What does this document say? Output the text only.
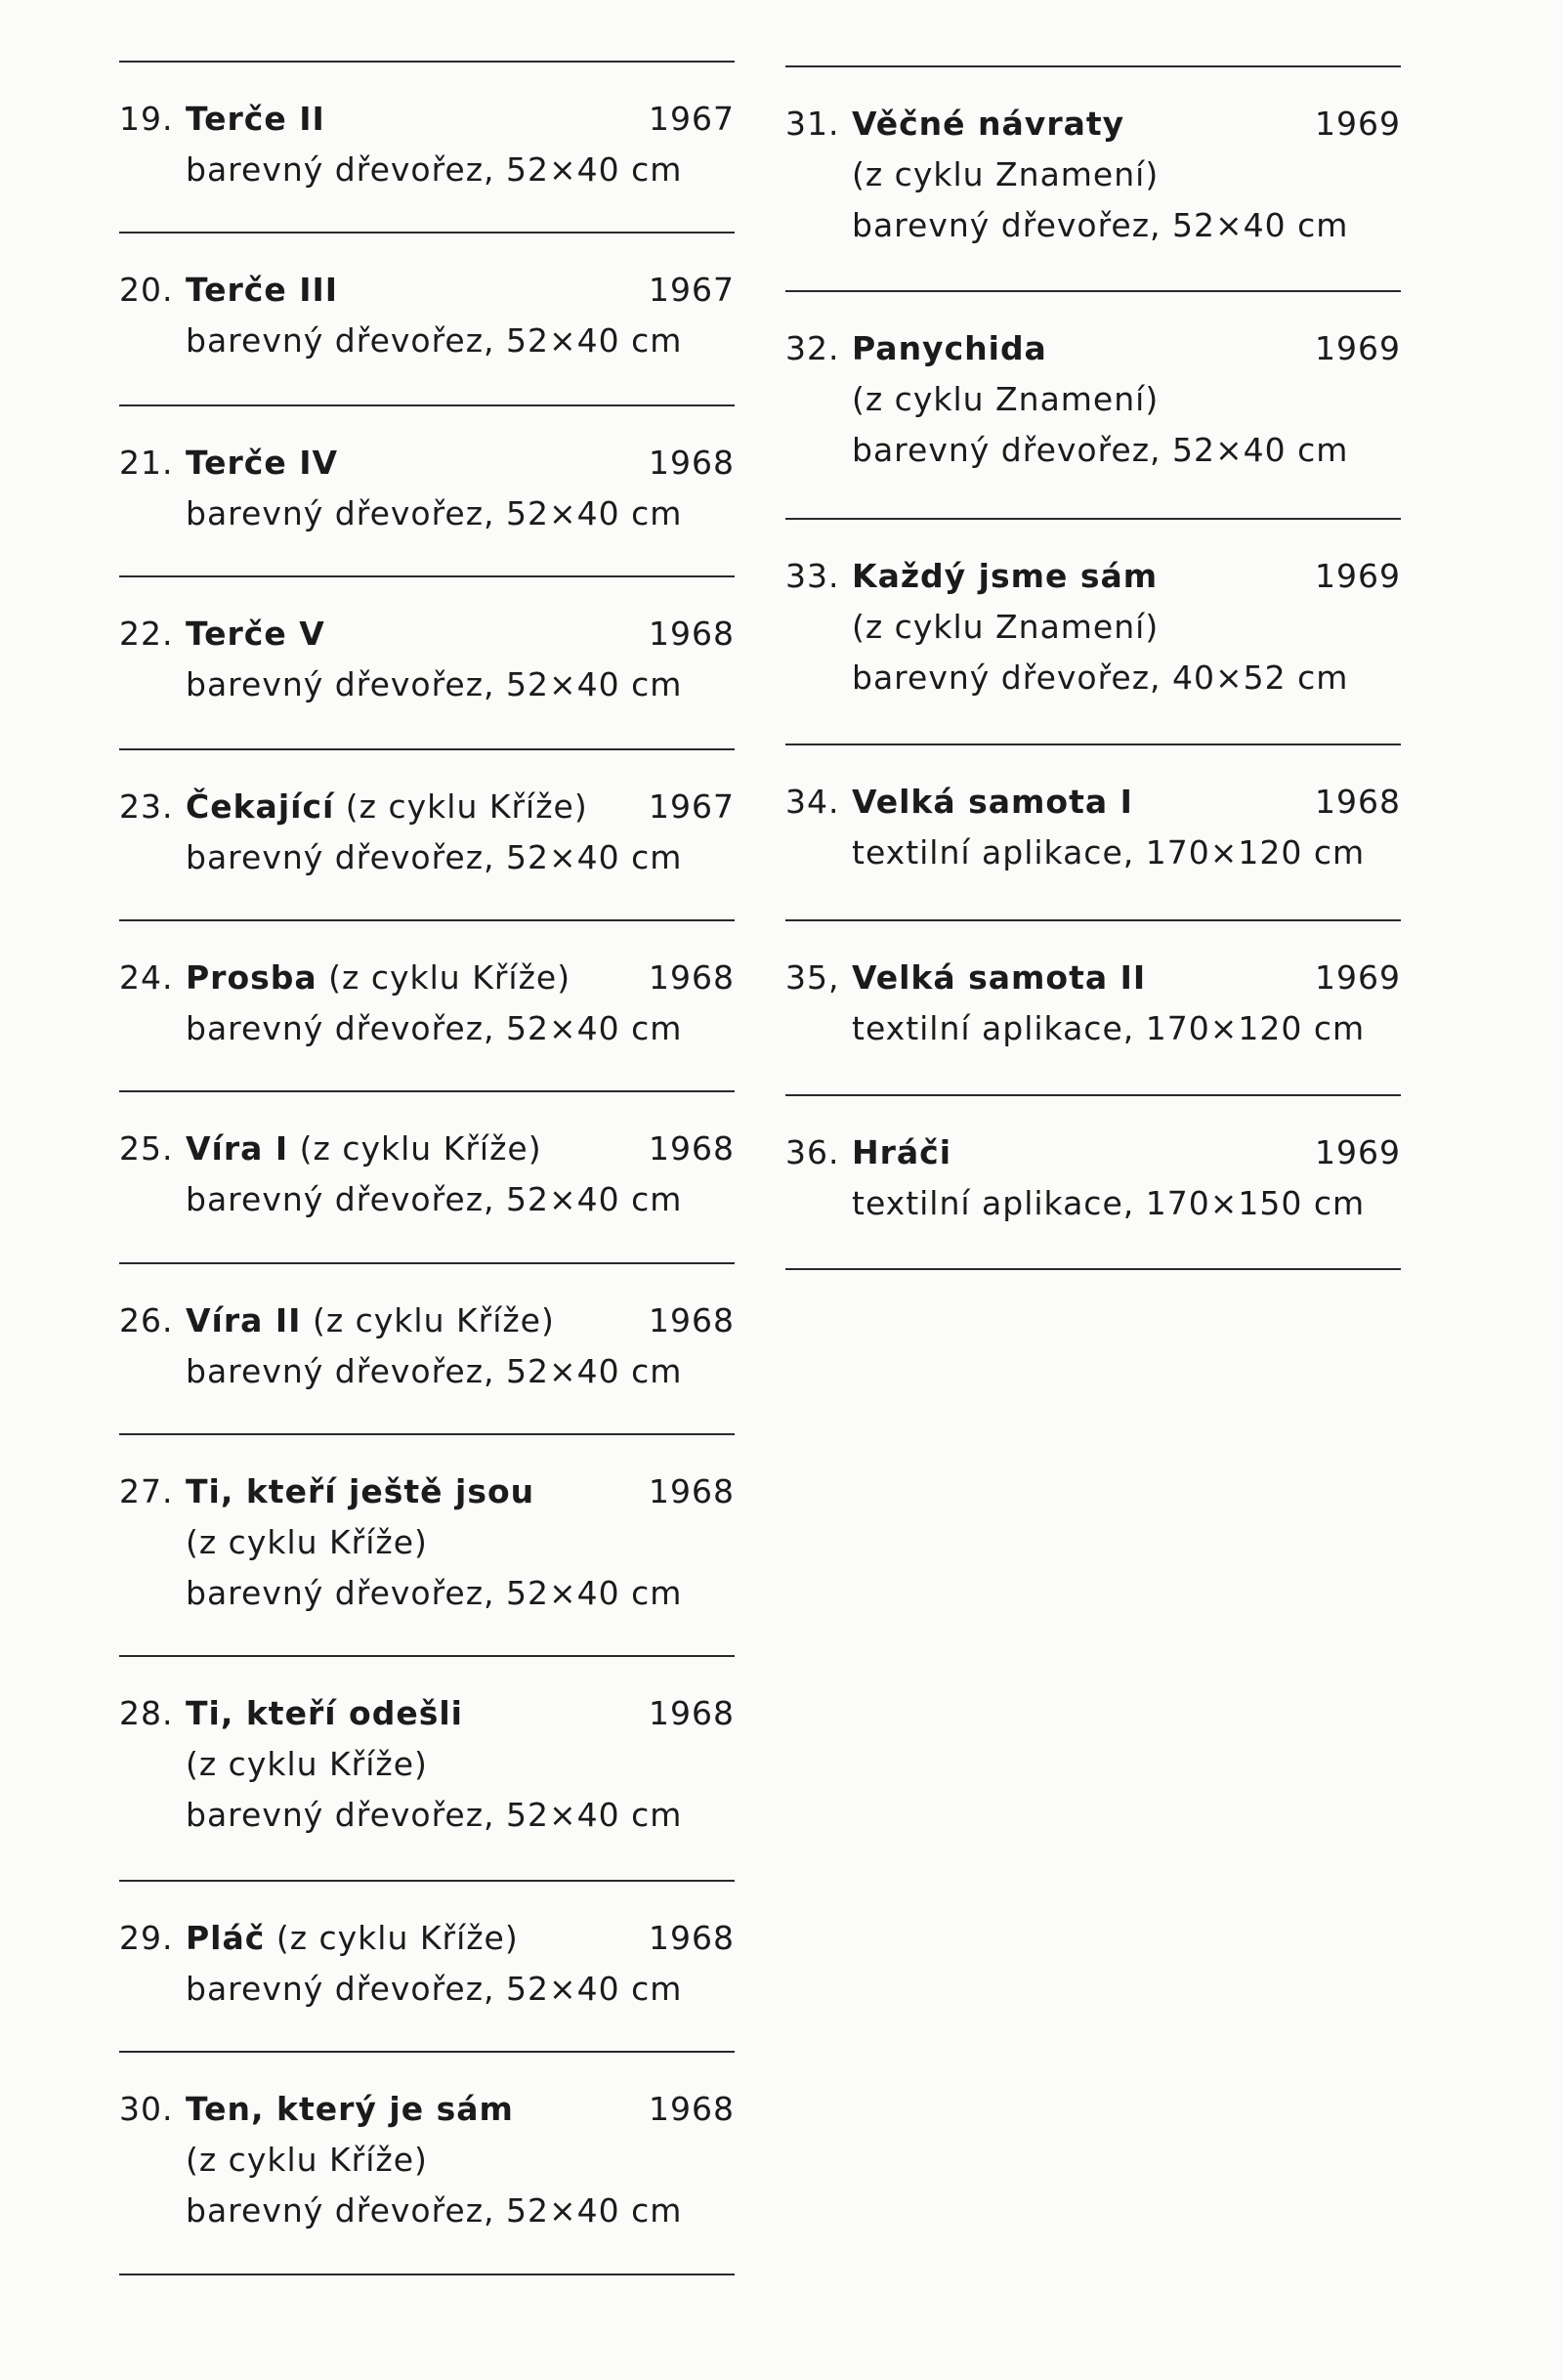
19. Terče II	1967
barevný dřevořez, 52×40 cm
20. Terče III	1967
barevný dřevořez, 52×40 cm
21. Terče IV	1968
barevný dřevořez, 52×40 cm
22. Terče V	1968
barevný dřevořez, 52×40 cm
23. Čekající (z cyklu Kříže) 1967
barevný dřevořez, 52×40 cm
24. Prosba (z cyklu Kříže) 1968
barevný dřevořez, 52×40 cm
25. Víra I (z cyklu Kříže)	1968
barevný dřevořez, 52×40 cm
26. Víra II (z cyklu Kříže)	1968
barevný dřevořez, 52×40 cm
27. Ti, kteří ještě jsou	1968
(z cyklu Kříže)
barevný dřevořez, 52×40 cm
28. Ti, kteří odešli	1968
(z cyklu Kříže)
barevný dřevořez, 52×40 cm
29. Pláč (z cyklu Kříže)	1968
barevný dřevořez, 52×40 cm
30. Ten, který je sám	1968
(z cyklu Kříže)
barevný dřevořez, 52×40 cm
31. Věčné návraty	1969
(z cyklu Znamení)
barevný dřevořez, 52×40 cm
32. Panychida	1969
(z cyklu Znamení)
barevný dřevořez, 52×40 cm
33. Každý jsme sám	1969
(z cyklu Znamení)
barevný dřevořez, 40×52 cm
34. Velká samota I	1968
textilní aplikace, 170×120 cm
35, Velká samota II	1969
textilní aplikace, 170×120 cm
36. Hráči	1969
textilní aplikace, 170×150 cm
